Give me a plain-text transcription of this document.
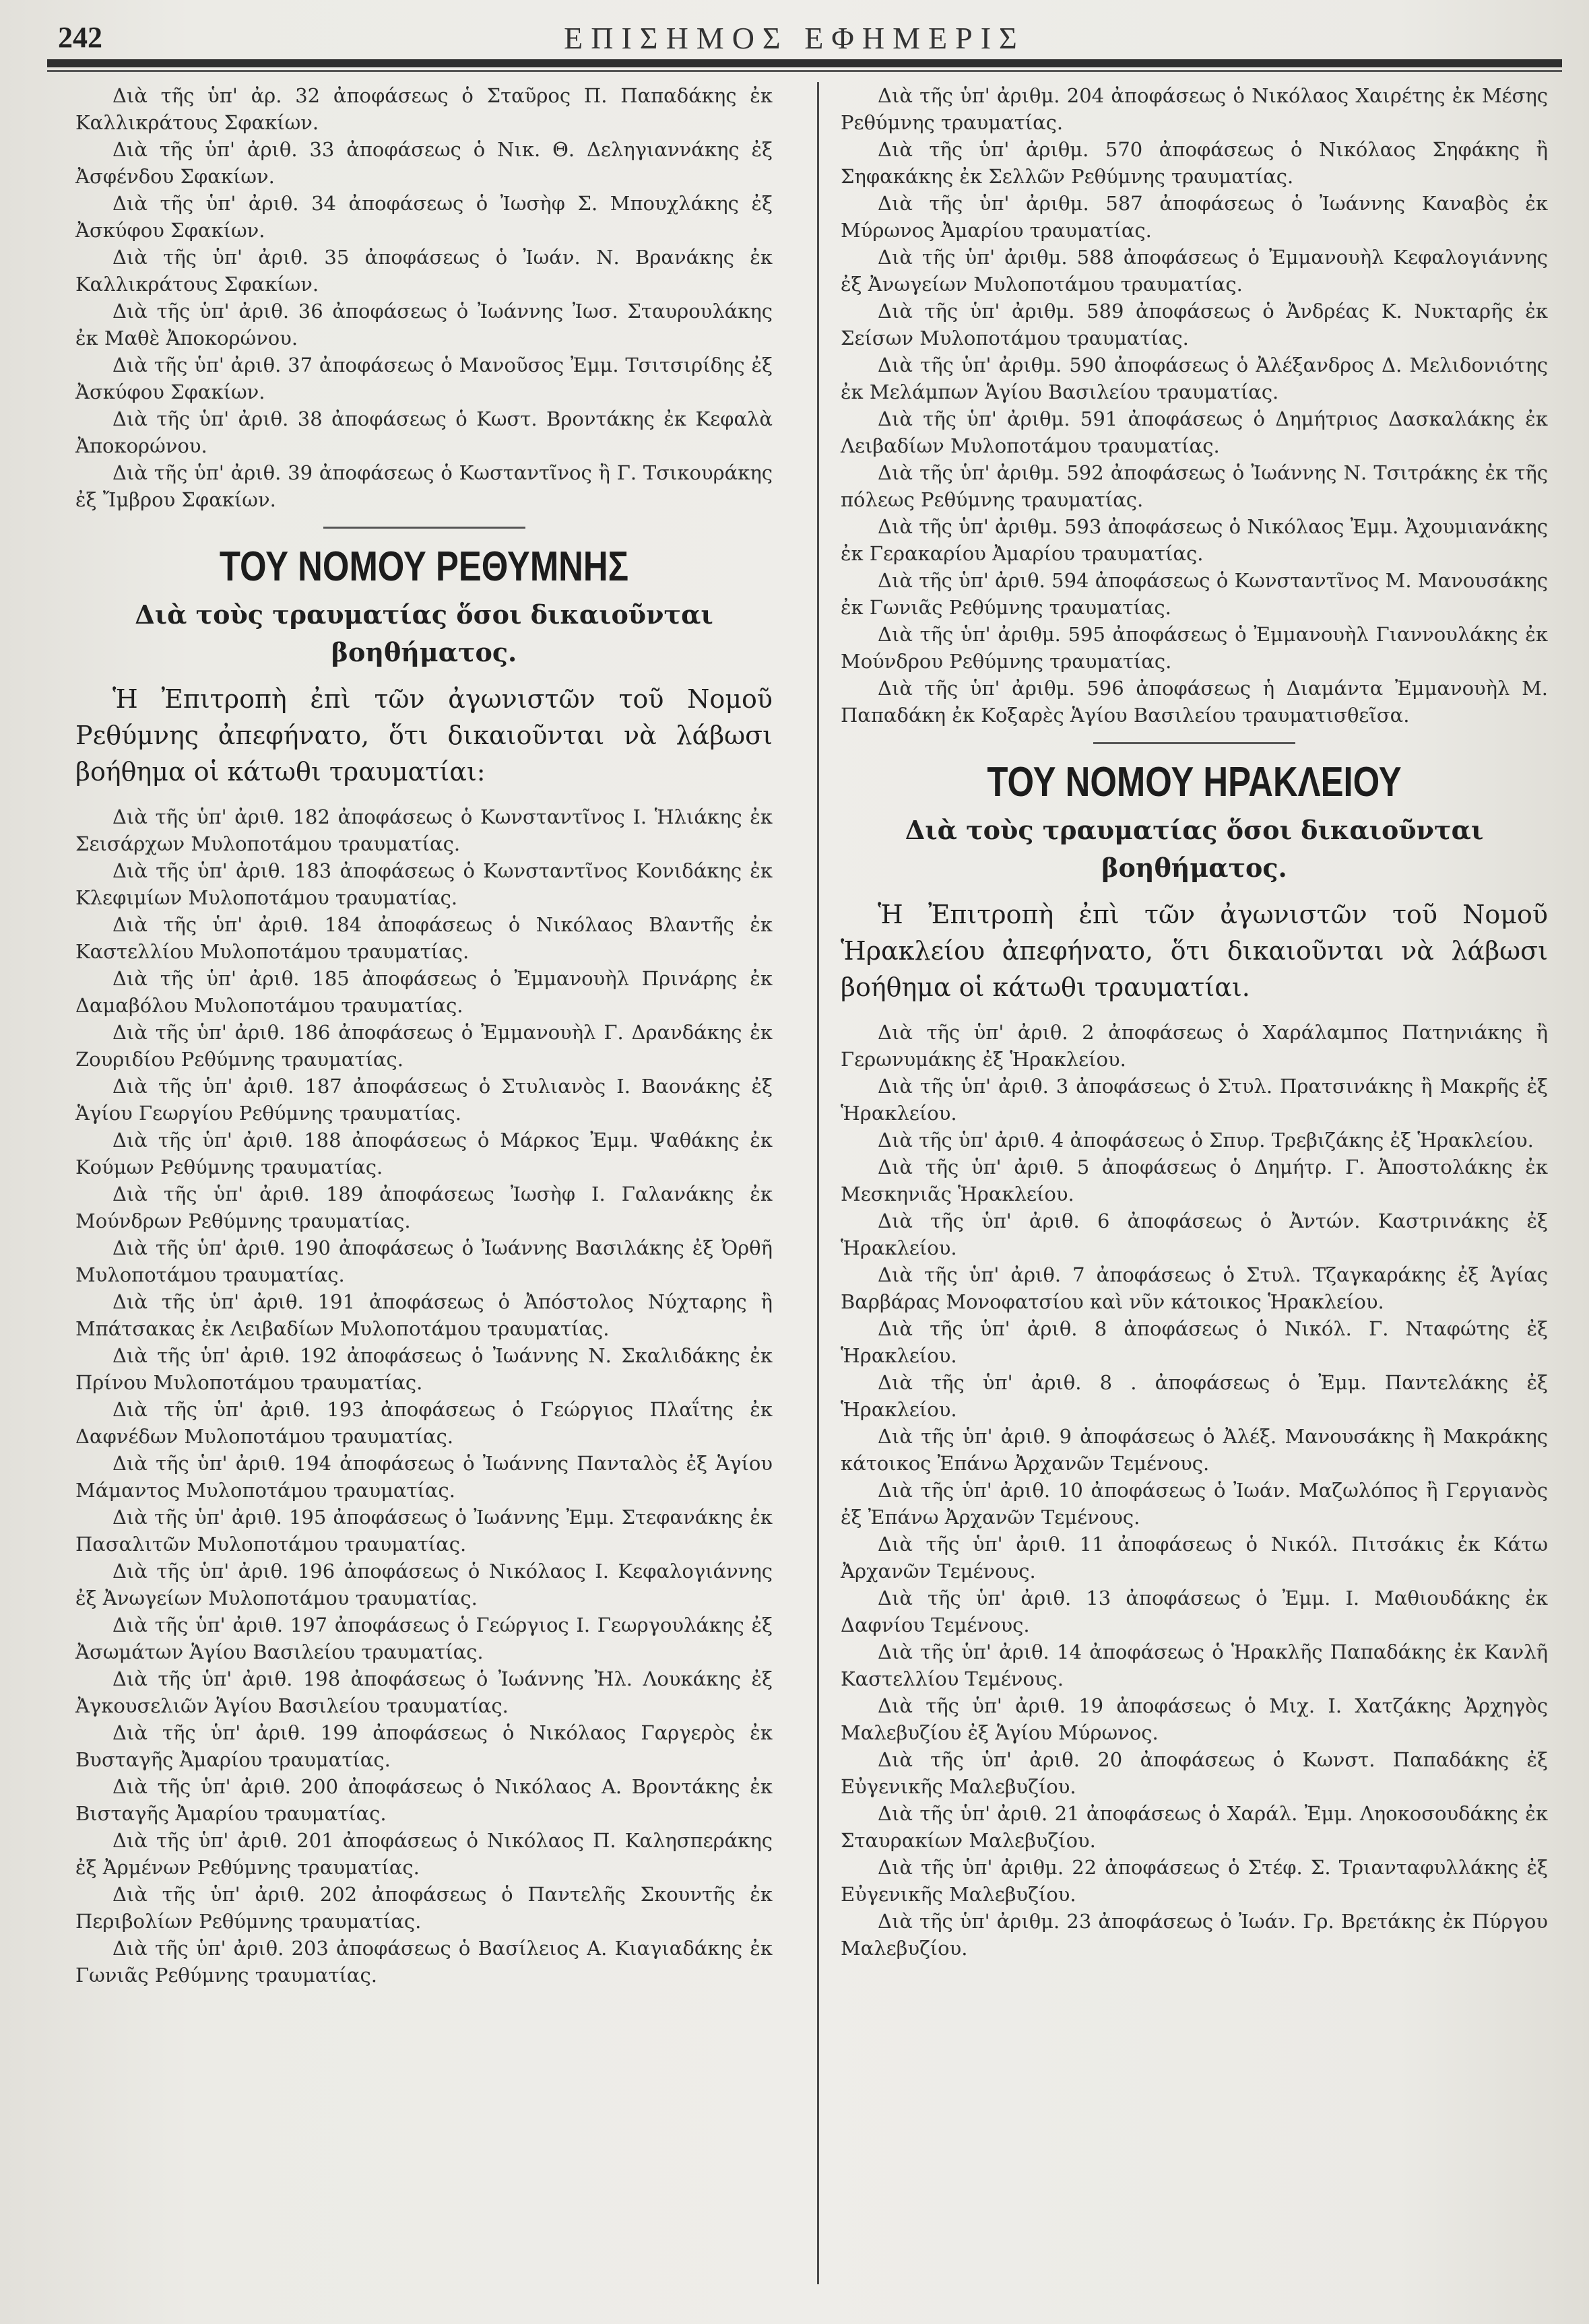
242	ΕΠΙΣΗΜΟΣ ΕΦΗΜΕΡΙΣ

Διὰ τῆς ὑπ' ἀρ. 32 ἀποφάσεως ὁ Σταῦρος Π. Παπαδάκης ἐκ Καλλικράτους Σφακίων.

Διὰ τῆς ὑπ' ἀριθ. 33 ἀποφάσεως ὁ Νικ. Θ. Δεληγιαννάκης ἐξ Ἀσφένδου Σφακίων.

Διὰ τῆς ὑπ' ἀριθ. 34 ἀποφάσεως ὁ Ἰωσὴφ Σ. Μπουχλάκης ἐξ Ἀσκύφου Σφακίων.

Διὰ τῆς ὑπ' ἀριθ. 35 ἀποφάσεως ὁ Ἰωάν. Ν. Βρανάκης ἐκ Καλλικράτους Σφακίων.

Διὰ τῆς ὑπ' ἀριθ. 36 ἀποφάσεως ὁ Ἰωάννης Ἰωσ. Σταυρουλάκης ἐκ Μαθὲ Ἀποκορώνου.

Διὰ τῆς ὑπ' ἀριθ. 37 ἀποφάσεως ὁ Μανοῦσος Ἐμμ. Τσιτσιρίδης ἐξ Ἀσκύφου Σφακίων.

Διὰ τῆς ὑπ' ἀριθ. 38 ἀποφάσεως ὁ Κωστ. Βροντάκης ἐκ Κεφαλὰ Ἀποκορώνου.

Διὰ τῆς ὑπ' ἀριθ. 39 ἀποφάσεως ὁ Κωσταντῖνος ἢ Γ. Τσικουράκης ἐξ Ἴμβρου Σφακίων.

ΤΟΥ ΝΟΜΟΥ ΡΕΘΥΜΝΗΣ

Διὰ τοὺς τραυματίας ὅσοι δικαιοῦνται βοηθήματος.

Ἡ Ἐπιτροπὴ ἐπὶ τῶν ἀγωνιστῶν τοῦ Νομοῦ Ρεθύμνης ἀπεφήνατο, ὅτι δικαιοῦνται νὰ λάβωσι βοήθημα οἱ κάτωθι τραυματίαι:

Διὰ τῆς ὑπ' ἀριθ. 182 ἀποφάσεως ὁ Κωνσταντῖνος Ι. Ἡλιάκης ἐκ Σεισάρχων Μυλοποτάμου τραυματίας.

Διὰ τῆς ὑπ' ἀριθ. 183 ἀποφάσεως ὁ Κωνσταντῖνος Κονιδάκης ἐκ Κλεφιμίων Μυλοποτάμου τραυματίας.

Διὰ τῆς ὑπ' ἀριθ. 184 ἀποφάσεως ὁ Νικόλαος Βλαντῆς ἐκ Καστελλίου Μυλοποτάμου τραυματίας.

Διὰ τῆς ὑπ' ἀριθ. 185 ἀποφάσεως ὁ Ἐμμανουὴλ Πρινάρης ἐκ Δαμαβόλου Μυλοποτάμου τραυματίας.

Διὰ τῆς ὑπ' ἀριθ. 186 ἀποφάσεως ὁ Ἐμμανουὴλ Γ. Δρανδάκης ἐκ Ζουριδίου Ρεθύμνης τραυματίας.

Διὰ τῆς ὑπ' ἀριθ. 187 ἀποφάσεως ὁ Στυλιανὸς Ι. Βαονάκης ἐξ Ἁγίου Γεωργίου Ρεθύμνης τραυματίας.

Διὰ τῆς ὑπ' ἀριθ. 188 ἀποφάσεως ὁ Μάρκος Ἐμμ. Ψαθάκης ἐκ Κούμων Ρεθύμνης τραυματίας.

Διὰ τῆς ὑπ' ἀριθ. 189 ἀποφάσεως Ἰωσὴφ Ι. Γαλανάκης ἐκ Μούνδρων Ρεθύμνης τραυματίας.

Διὰ τῆς ὑπ' ἀριθ. 190 ἀποφάσεως ὁ Ἰωάννης Βασιλάκης ἐξ Ὀρθῆ Μυλοποτάμου τραυματίας.

Διὰ τῆς ὑπ' ἀριθ. 191 ἀποφάσεως ὁ Ἀπόστολος Νύχταρης ἢ Μπάτσακας ἐκ Λειβαδίων Μυλοποτάμου τραυματίας.

Διὰ τῆς ὑπ' ἀριθ. 192 ἀποφάσεως ὁ Ἰωάννης Ν. Σκαλιδάκης ἐκ Πρίνου Μυλοποτάμου τραυματίας.

Διὰ τῆς ὑπ' ἀριθ. 193 ἀποφάσεως ὁ Γεώργιος Πλαΐτης ἐκ Δαφνέδων Μυλοποτάμου τραυματίας.

Διὰ τῆς ὑπ' ἀριθ. 194 ἀποφάσεως ὁ Ἰωάννης Πανταλὸς ἐξ Ἁγίου Μάμαντος Μυλοποτάμου τραυματίας.

Διὰ τῆς ὑπ' ἀριθ. 195 ἀποφάσεως ὁ Ἰωάννης Ἐμμ. Στεφανάκης ἐκ Πασαλιτῶν Μυλοποτάμου τραυματίας.

Διὰ τῆς ὑπ' ἀριθ. 196 ἀποφάσεως ὁ Νικόλαος Ι. Κεφαλογιάννης ἐξ Ἀνωγείων Μυλοποτάμου τραυματίας.

Διὰ τῆς ὑπ' ἀριθ. 197 ἀποφάσεως ὁ Γεώργιος Ι. Γεωργουλάκης ἐξ Ἀσωμάτων Ἁγίου Βασιλείου τραυματίας.

Διὰ τῆς ὑπ' ἀριθ. 198 ἀποφάσεως ὁ Ἰωάννης Ἠλ. Λουκάκης ἐξ Ἀγκουσελιῶν Ἁγίου Βασιλείου τραυματίας.

Διὰ τῆς ὑπ' ἀριθ. 199 ἀποφάσεως ὁ Νικόλαος Γαργερὸς ἐκ Βυσταγῆς Ἀμαρίου τραυματίας.

Διὰ τῆς ὑπ' ἀριθ. 200 ἀποφάσεως ὁ Νικόλαος Α. Βροντάκης ἐκ Βισταγῆς Ἀμαρίου τραυματίας.

Διὰ τῆς ὑπ' ἀριθ. 201 ἀποφάσεως ὁ Νικόλαος Π. Καλησπεράκης ἐξ Ἀρμένων Ρεθύμνης τραυματίας.

Διὰ τῆς ὑπ' ἀριθ. 202 ἀποφάσεως ὁ Παντελῆς Σκουντῆς ἐκ Περιβολίων Ρεθύμνης τραυματίας.

Διὰ τῆς ὑπ' ἀριθ. 203 ἀποφάσεως ὁ Βασίλειος Α. Κιαγιαδάκης ἐκ Γωνιᾶς Ρεθύμνης τραυματίας.

Διὰ τῆς ὑπ' ἀριθμ. 204 ἀποφάσεως ὁ Νικόλαος Χαιρέτης ἐκ Μέσης Ρεθύμνης τραυματίας.

Διὰ τῆς ὑπ' ἀριθμ. 570 ἀποφάσεως ὁ Νικόλαος Σηφάκης ἢ Σηφακάκης ἐκ Σελλῶν Ρεθύμνης τραυματίας.

Διὰ τῆς ὑπ' ἀριθμ. 587 ἀποφάσεως ὁ Ἰωάννης Καναβὸς ἐκ Μύρωνος Ἀμαρίου τραυματίας.

Διὰ τῆς ὑπ' ἀριθμ. 588 ἀποφάσεως ὁ Ἐμμανουὴλ Κεφαλογιάννης ἐξ Ἀνωγείων Μυλοποτάμου τραυματίας.

Διὰ τῆς ὑπ' ἀριθμ. 589 ἀποφάσεως ὁ Ἀνδρέας Κ. Νυκταρῆς ἐκ Σείσων Μυλοποτάμου τραυματίας.

Διὰ τῆς ὑπ' ἀριθμ. 590 ἀποφάσεως ὁ Ἀλέξανδρος Δ. Μελιδονιότης ἐκ Μελάμπων Ἁγίου Βασιλείου τραυματίας.

Διὰ τῆς ὑπ' ἀριθμ. 591 ἀποφάσεως ὁ Δημήτριος Δασκαλάκης ἐκ Λειβαδίων Μυλοποτάμου τραυματίας.

Διὰ τῆς ὑπ' ἀριθμ. 592 ἀποφάσεως ὁ Ἰωάννης Ν. Τσιτράκης ἐκ τῆς πόλεως Ρεθύμνης τραυματίας.

Διὰ τῆς ὑπ' ἀριθμ. 593 ἀποφάσεως ὁ Νικόλαος Ἐμμ. Ἀχουμιανάκης ἐκ Γερακαρίου Ἀμαρίου τραυματίας.

Διὰ τῆς ὑπ' ἀριθ. 594 ἀποφάσεως ὁ Κωνσταντῖνος Μ. Μανουσάκης ἐκ Γωνιᾶς Ρεθύμνης τραυματίας.

Διὰ τῆς ὑπ' ἀριθμ. 595 ἀποφάσεως ὁ Ἐμμανουὴλ Γιαννουλάκης ἐκ Μούνδρου Ρεθύμνης τραυματίας.

Διὰ τῆς ὑπ' ἀριθμ. 596 ἀποφάσεως ἡ Διαμάντα Ἐμμανουὴλ Μ. Παπαδάκη ἐκ Κοξαρὲς Ἁγίου Βασιλείου τραυματισθεῖσα.

ΤΟΥ ΝΟΜΟΥ ΗΡΑΚΛΕΙΟΥ

Διὰ τοὺς τραυματίας ὅσοι δικαιοῦνται βοηθήματος.

Ἡ Ἐπιτροπὴ ἐπὶ τῶν ἀγωνιστῶν τοῦ Νομοῦ Ἡρακλείου ἀπεφήνατο, ὅτι δικαιοῦνται νὰ λάβωσι βοήθημα οἱ κάτωθι τραυματίαι.

Διὰ τῆς ὑπ' ἀριθ. 2 ἀποφάσεως ὁ Χαράλαμπος Πατηνιάκης ἢ Γερωνυμάκης ἐξ Ἡρακλείου.

Διὰ τῆς ὑπ' ἀριθ. 3 ἀποφάσεως ὁ Στυλ. Πρατσινάκης ἢ Μακρῆς ἐξ Ἡρακλείου.

Διὰ τῆς ὑπ' ἀριθ. 4 ἀποφάσεως ὁ Σπυρ. Τρεβιζάκης ἐξ Ἡρακλείου.

Διὰ τῆς ὑπ' ἀριθ. 5 ἀποφάσεως ὁ Δημήτρ. Γ. Ἀποστολάκης ἐκ Μεσκηνιᾶς Ἡρακλείου.

Διὰ τῆς ὑπ' ἀριθ. 6 ἀποφάσεως ὁ Ἀντών. Καστρινάκης ἐξ Ἡρακλείου.

Διὰ τῆς ὑπ' ἀριθ. 7 ἀποφάσεως ὁ Στυλ. Τζαγκαράκης ἐξ Ἁγίας Βαρβάρας Μονοφατσίου καὶ νῦν κάτοικος Ἡρακλείου.

Διὰ τῆς ὑπ' ἀριθ. 8 ἀποφάσεως ὁ Νικόλ. Γ. Νταφώτης ἐξ Ἡρακλείου.

Διὰ τῆς ὑπ' ἀριθ. 8 . ἀποφάσεως ὁ Ἐμμ. Παντελάκης ἐξ Ἡρακλείου.

Διὰ τῆς ὑπ' ἀριθ. 9 ἀποφάσεως ὁ Ἀλέξ. Μανουσάκης ἢ Μακράκης κάτοικος Ἐπάνω Ἀρχανῶν Τεμένους.

Διὰ τῆς ὑπ' ἀριθ. 10 ἀποφάσεως ὁ Ἰωάν. Μαζωλόπος ἢ Γεργιανὸς ἐξ Ἐπάνω Ἀρχανῶν Τεμένους.

Διὰ τῆς ὑπ' ἀριθ. 11 ἀποφάσεως ὁ Νικόλ. Πιτσάκις ἐκ Κάτω Ἀρχανῶν Τεμένους.

Διὰ τῆς ὑπ' ἀριθ. 13 ἀποφάσεως ὁ Ἐμμ. Ι. Μαθιουδάκης ἐκ Δαφνίου Τεμένους.

Διὰ τῆς ὑπ' ἀριθ. 14 ἀποφάσεως ὁ Ἡρακλῆς Παπαδάκης ἐκ Κανλῆ Καστελλίου Τεμένους.

Διὰ τῆς ὑπ' ἀριθ. 19 ἀποφάσεως ὁ Μιχ. Ι. Χατζάκης Ἀρχηγὸς Μαλεβυζίου ἐξ Ἁγίου Μύρωνος.

Διὰ τῆς ὑπ' ἀριθ. 20 ἀποφάσεως ὁ Κωνστ. Παπαδάκης ἐξ Εὐγενικῆς Μαλεβυζίου.

Διὰ τῆς ὑπ' ἀριθ. 21 ἀποφάσεως ὁ Χαράλ. Ἐμμ. Ληοκοσουδάκης ἐκ Σταυρακίων Μαλεβυζίου.

Διὰ τῆς ὑπ' ἀριθμ. 22 ἀποφάσεως ὁ Στέφ. Σ. Τριανταφυλλάκης ἐξ Εὐγενικῆς Μαλεβυζίου.

Διὰ τῆς ὑπ' ἀριθμ. 23 ἀποφάσεως ὁ Ἰωάν. Γρ. Βρετάκης ἐκ Πύργου Μαλεβυζίου.
